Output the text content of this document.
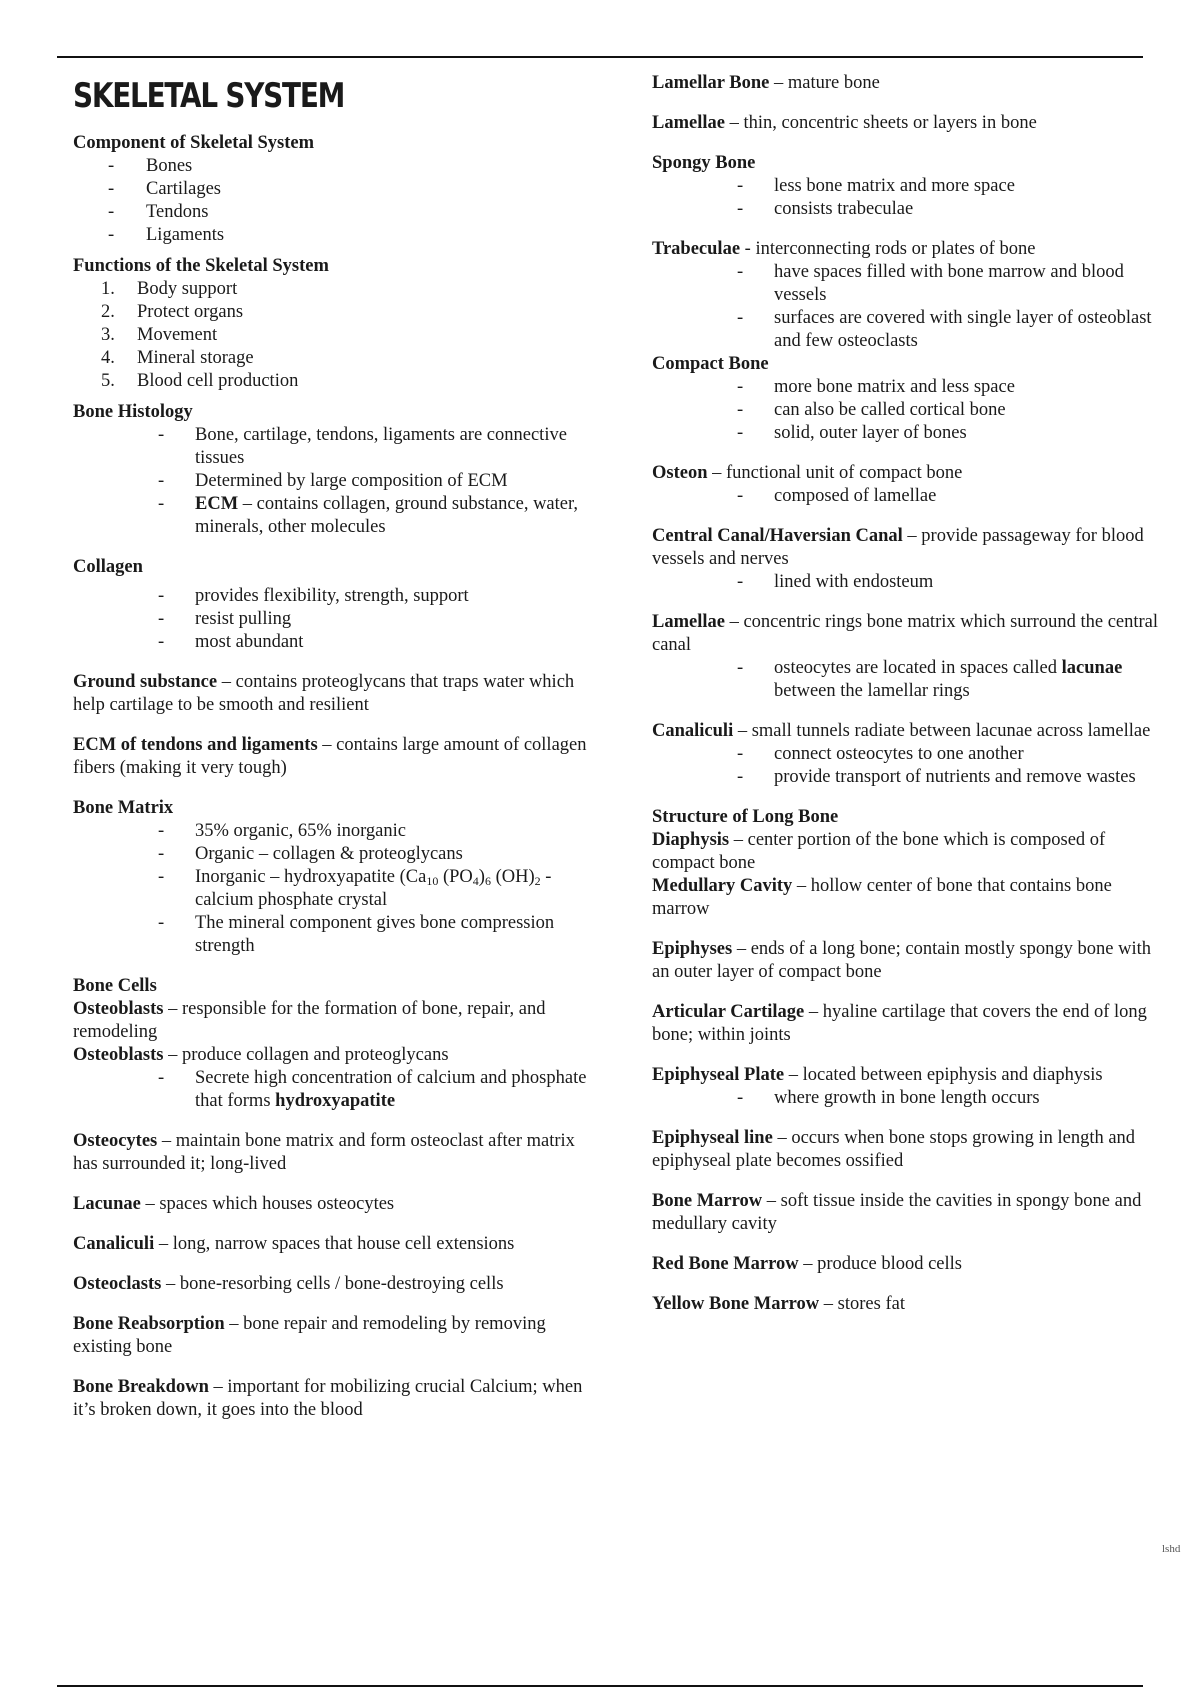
SKELETAL SYSTEM
Component of Skeletal System
- Bones
- Cartilages
- Tendons
- Ligaments
Functions of the Skeletal System
1. Body support
2. Protect organs
3. Movement
4. Mineral storage
5. Blood cell production
Bone Histology
- Bone, cartilage, tendons, ligaments are connective tissues
- Determined by large composition of ECM
- ECM – contains collagen, ground substance, water, minerals, other molecules
Collagen
- provides flexibility, strength, support
- resist pulling
- most abundant
Ground substance – contains proteoglycans that traps water which help cartilage to be smooth and resilient
ECM of tendons and ligaments – contains large amount of collagen fibers (making it very tough)
Bone Matrix
- 35% organic, 65% inorganic
- Organic – collagen & proteoglycans
- Inorganic – hydroxyapatite ($Ca_{10}$ $(PO_4)_6$ $(OH)_2$ -calcium phosphate crystal
- The mineral component gives bone compression strength
Bone Cells
Osteoblasts – responsible for the formation of bone, repair, and remodeling
Osteoblasts – produce collagen and proteoglycans
- Secrete high concentration of calcium and phosphate that forms hydroxyapatite
Osteocytes – maintain bone matrix and form osteoclast after matrix has surrounded it; long-lived
Lacunae – spaces which houses osteocytes
Canaliculi – long, narrow spaces that house cell extensions
Osteoclasts – bone-resorbing cells / bone-destroying cells
Bone Reabsorption – bone repair and remodeling by removing existing bone
Bone Breakdown – important for mobilizing crucial Calcium; when it’s broken down, it goes into the blood
Lamellar Bone – mature bone
Lamellae – thin, concentric sheets or layers in bone
Spongy Bone
- less bone matrix and more space
- consists trabeculae
Trabeculae - interconnecting rods or plates of bone
- have spaces filled with bone marrow and blood vessels
- surfaces are covered with single layer of osteoblast and few osteoclasts
Compact Bone
- more bone matrix and less space
- can also be called cortical bone
- solid, outer layer of bones
Osteon – functional unit of compact bone
- composed of lamellae
Central Canal/Haversian Canal – provide passageway for blood vessels and nerves
- lined with endosteum
Lamellae – concentric rings bone matrix which surround the central canal
- osteocytes are located in spaces called lacunae between the lamellar rings
Canaliculi – small tunnels radiate between lacunae across lamellae
- connect osteocytes to one another
- provide transport of nutrients and remove wastes
Structure of Long Bone
Diaphysis – center portion of the bone which is composed of compact bone
Medullary Cavity – hollow center of bone that contains bone marrow
Epiphyses – ends of a long bone; contain mostly spongy bone with an outer layer of compact bone
Articular Cartilage – hyaline cartilage that covers the end of long bone; within joints
Epiphyseal Plate – located between epiphysis and diaphysis
- where growth in bone length occurs
Epiphyseal line – occurs when bone stops growing in length and epiphyseal plate becomes ossified
Bone Marrow – soft tissue inside the cavities in spongy bone and medullary cavity
Red Bone Marrow – produce blood cells
Yellow Bone Marrow – stores fat
lshd
